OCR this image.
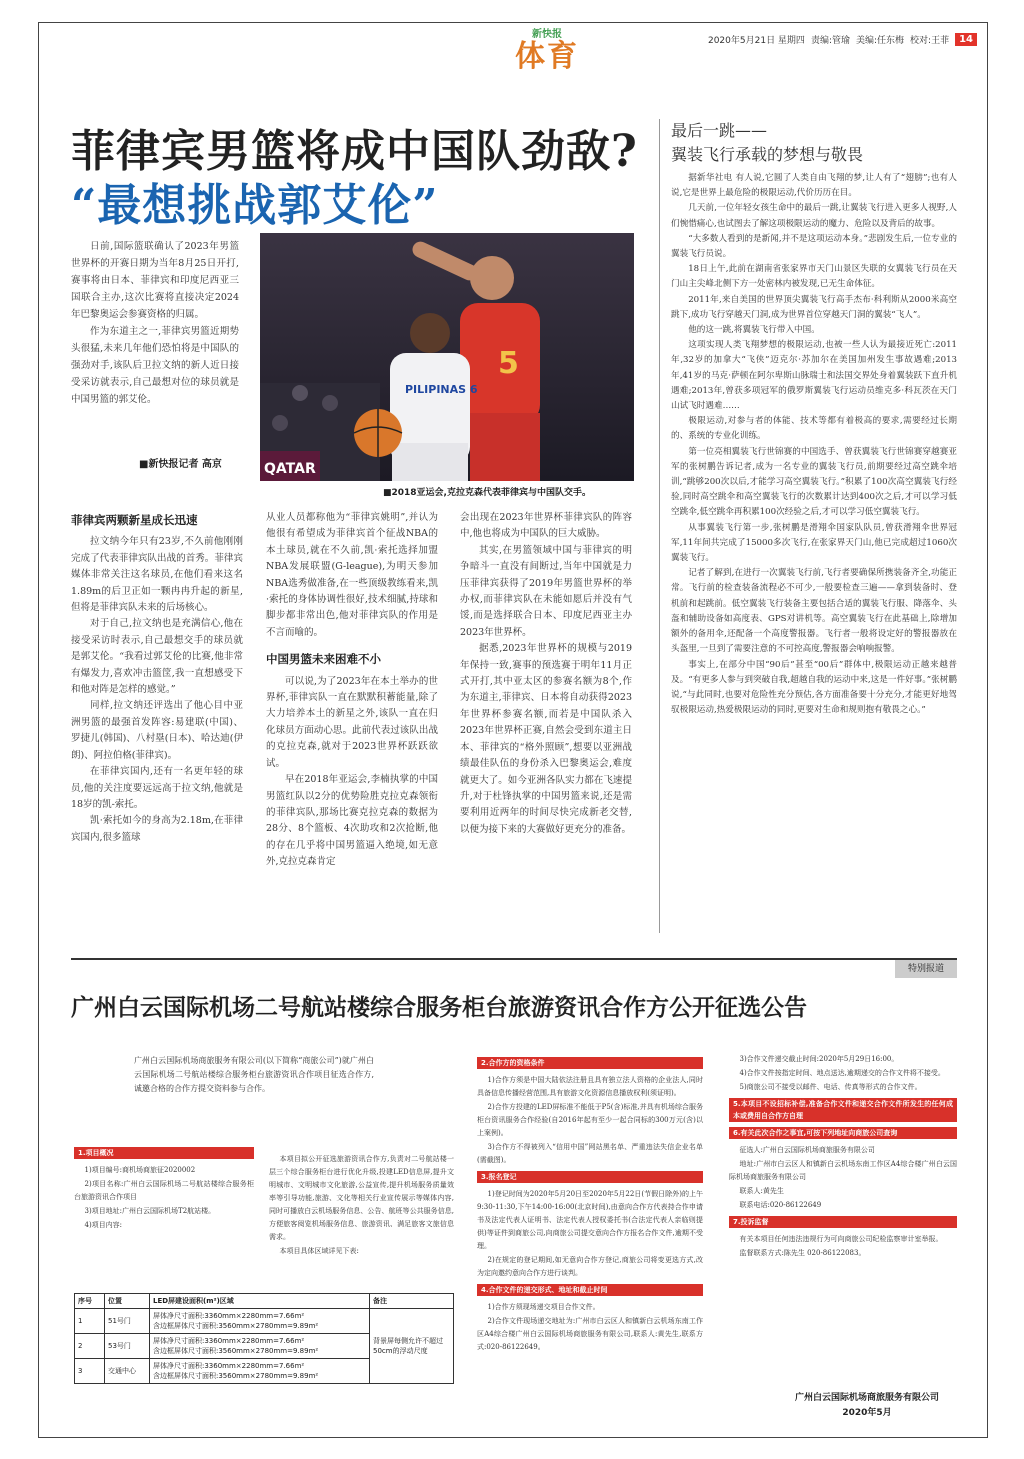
新快报
体育	2020年5月21日 星期四 责编:管瑜 美编:任东梅 校对:王菲	14
菲律宾男篮将成中国队劲敌?
“最想挑战郭艾伦”

日前,国际篮联确认了2023年男篮世界杯的开赛日期为当年8月25日开打,赛事将由日本、菲律宾和印度尼西亚三国联合主办,这次比赛将直接决定2024年巴黎奥运会参赛资格的归属。

作为东道主之一,菲律宾男篮近期势头很猛,未来几年他们恐怕将是中国队的强劲对手,该队后卫拉文纳的新人近日接受采访就表示,自己最想对位的球员就是中国男篮的郭艾伦。

■新快报记者 高京
5
PILIPINAS 6
QATAR
■2018亚运会,克拉克森代表菲律宾与中国队交手。
菲律宾两颗新星成长迅速

拉文纳今年只有23岁,不久前他刚刚完成了代表菲律宾队出战的首秀。菲律宾媒体非常关注这名球员,在他们看来这名1.89m的后卫正如一颗冉冉升起的新星,但将是菲律宾队未来的后场核心。

对于自己,拉文纳也是充满信心,他在接受采访时表示,自己最想交手的球员就是郭艾伦。“我看过郭艾伦的比赛,他非常有爆发力,喜欢冲击篮筐,我一直想感受下和他对阵是怎样的感觉。”

同样,拉文纳还评选出了他心目中亚洲男篮的最强首发阵容:易建联(中国)、罗捷儿(韩国)、八村塁(日本)、哈达迪(伊朗)、阿拉伯格(菲律宾)。

在菲律宾国内,还有一名更年轻的球员,他的关注度要远远高于拉文纳,他就是18岁的凯-索托。

凯·索托如今的身高为2.18m,在菲律宾国内,很多篮球

从业人员都称他为“菲律宾姚明”,并认为他很有希望成为菲律宾首个征战NBA的本土球员,就在不久前,凯·索托选择加盟NBA发展联盟(G-league),为明天参加NBA选秀做准备,在一些顶级教练看来,凯·索托的身体协调性很好,技术细腻,持球和脚步都非常出色,他对菲律宾队的作用是不言而喻的。

中国男篮未来困难不小

可以说,为了2023年在本土举办的世界杯,菲律宾队一直在默默积蓄能量,除了大力培养本土的新星之外,该队一直在归化球员方面动心思。此前代表过该队出战的克拉克森,就对于2023世界杯跃跃欲试。

早在2018年亚运会,李楠执掌的中国男篮红队以2分的优势险胜克拉克森领衔的菲律宾队,那场比赛克拉克森的数据为28分、8个篮板、4次助攻和2次抢断,他的存在几乎将中国男篮逼入绝境,如无意外,克拉克森肯定

会出现在2023年世界杯菲律宾队的阵容中,他也将成为中国队的巨大威胁。

其实,在男篮领域中国与菲律宾的明争暗斗一直没有间断过,当年中国就是力压菲律宾获得了2019年男篮世界杯的举办权,而菲律宾队在未能如愿后并没有气馁,而是选择联合日本、印度尼西亚主办2023年世界杯。

据悉,2023年世界杯的规模与2019年保持一致,赛事的预选赛于明年11月正式开打,其中亚太区的参赛名额为8个,作为东道主,菲律宾、日本将自动获得2023年世界杯参赛名额,而若是中国队杀入2023年世界杯正赛,自然会受到东道主日本、菲律宾的“格外照顾”,想要以亚洲战绩最佳队伍的身份杀入巴黎奥运会,难度就更大了。如今亚洲各队实力都在飞速提升,对于杜锋执掌的中国男篮来说,还是需要利用近两年的时间尽快完成新老交替,以便为接下来的大赛做好更充分的准备。

最后一跳——
翼装飞行承载的梦想与敬畏

据新华社电 有人说,它圆了人类自由飞翔的梦,让人有了“翅膀”;也有人说,它是世界上最危险的极限运动,代价历历在目。

几天前,一位年轻女孩生命中的最后一跳,让翼装飞行进入更多人视野,人们惋惜痛心,也试图去了解这项极限运动的魔力、危险以及背后的故事。

“大多数人看到的是新闻,并不是这项运动本身。”悲剧发生后,一位专业的翼装飞行员说。

18日上午,此前在湖南省张家界市天门山景区失联的女翼装飞行员在天门山主尖峰北侧下方一处密林内被发现,已无生命体征。

2011年,来自美国的世界顶尖翼装飞行高手杰布·科利斯从2000米高空跳下,成功飞行穿越天门洞,成为世界首位穿越天门洞的翼装“飞人”。

他的这一跳,将翼装飞行带入中国。

这项实现人类飞翔梦想的极限运动,也被一些人认为最接近死亡:2011年,32岁的加拿大“飞侠”迈克尔·苏加尔在美国加州发生事故遇难;2013年,41岁的马克·萨顿在阿尔卑斯山脉瑞士和法国交界处身着翼装跃下直升机遇难;2013年,曾获多项冠军的俄罗斯翼装飞行运动员维克多·科瓦茨在天门山试飞时遇难……

极限运动,对参与者的体能、技术等都有着极高的要求,需要经过长期的、系统的专业化训练。

第一位亮相翼装飞行世锦赛的中国选手、曾获翼装飞行世锦赛穿越赛亚军的张树鹏告诉记者,成为一名专业的翼装飞行员,前期要经过高空跳伞培训,“跳够200次以后,才能学习高空翼装飞行。”积累了100次高空翼装飞行经验,同时高空跳伞和高空翼装飞行的次数累计达到400次之后,才可以学习低空跳伞,低空跳伞再积累100次经验之后,才可以学习低空翼装飞行。

从事翼装飞行第一步,张树鹏是滑翔伞国家队队员,曾获滑翔伞世界冠军,11年间共完成了15000多次飞行,在张家界天门山,他已完成超过1060次翼装飞行。

记者了解到,在进行一次翼装飞行前,飞行者要确保所携装备齐全,功能正常。飞行前的检查装备流程必不可少,一般要检查三遍——拿到装备时、登机前和起跳前。低空翼装飞行装备主要包括合适的翼装飞行服、降落伞、头盔和辅助设备如高度表、GPS对讲机等。高空翼装飞行在此基础上,除增加额外的备用伞,还配备一个高度警报器。飞行者一般将设定好的警报器放在头盔里,一旦到了需要注意的不可控高度,警报器会响响报警。

事实上,在部分中国“90后”甚至“00后”群体中,极限运动正越来越普及。“有更多人参与到突破自我,超越自我的运动中来,这是一件好事。”张树鹏说,“与此同时,也要对危险性充分预估,各方面准备要十分充分,才能更好地驾驭极限运动,热爱极限运动的同时,更要对生命和规则抱有敬畏之心。”

特别报道
广州白云国际机场二号航站楼综合服务柜台旅游资讯合作方公开征选公告
广州白云国际机场商旅服务有限公司(以下简称“商旅公司”)就广州白云国际机场二号航站楼综合服务柜台旅游资讯合作项目征选合作方,诚邀合格的合作方提交资料参与合作。
1.项目概况

1)项目编号:商机场商旅征2020002

2)项目名称:广州白云国际机场二号航站楼综合服务柜台旅游资讯合作项目

3)项目地址:广州白云国际机场T2航站楼。

4)项目内容:

本项目拟公开征选旅游资讯合作方,负责对二号航站楼一层三个综合服务柜台进行优化升级,投建LED信息屏,提升文明城市、文明城市文化旅游,公益宣传,提升机场服务质量效率等引导功能,旅游、文化等相关行业宣传展示等媒体内容,同时可播放白云机场服务信息、公告、航班等公共服务信息,方便旅客阅览机场服务信息、旅游资讯、满足旅客文旅信息需求。

本项目具体区域详见下表:

序号	位置	LED屏建设面积(m²)区域	备注
1	51号门	屏体净尺寸面积:3360mm×2280mm=7.66m²
含边框屏体尺寸面积:3560mm×2780mm=9.89m²	背景屏每侧允许不超过50cm的浮动尺度
2	53号门	屏体净尺寸面积:3360mm×2280mm=7.66m²
含边框屏体尺寸面积:3560mm×2780mm=9.89m²	

3	交通中心	屏体净尺寸面积:3360mm×2280mm=7.66m²
含边框屏体尺寸面积:3560mm×2780mm=9.89m²	
2.合作方的资格条件

1)合作方须是中国大陆依法注册且具有独立法人资格的企业法人,同时具备信息传播经营范围,具有旅游文化资源信息播放权利(须证明)。

2)合作方投建的LED屏标准不能低于P5(含)标准,并具有机场综合服务柜台资讯服务合作经验(自2016年起有至少一起合同标的300万元(含)以上案例)。

3)合作方不得被列入“信用中国”网站黑名单、严重违法失信企业名单(需截图)。

3.报名登记

1)登记时间为2020年5月20日至2020年5月22日(节假日除外)的上午9:30-11:30,下午14:00-16:00(北京时间),由意向合作方代表持合作申请书及法定代表人证明书、法定代表人授权委托书(合法定代表人亲临则提供)等证件到商旅公司,向商旅公司提交意向合作方报名合作文件,逾期不受理。

2)在规定的登记期间,如无意向合作方登记,商旅公司将变更选方式,改为定向邀约意向合作方进行谈判。

4.合作文件的递交形式、地址和截止时间

1)合作方须现场递交项目合作文件。

2)合作文件现场递交地址为:广州市白云区人和镇新白云机场东南工作区A4综合楼广州白云国际机场商旅服务有限公司,联系人:黄先生,联系方式:020-86122649。

3)合作文件递交截止时间:2020年5月29日16:00。

4)合作文件按指定时间、地点送达,逾期递交的合作文件将不接受。

5)商旅公司不接受以邮件、电话、传真等形式的合作文件。

5.本项目不设招标补偿,准备合作文件和递交合作文件所发生的任何成本或费用自合作方自理
6.有关此次合作之事宜,可按下列地址向商旅公司查询

征选人:广州白云国际机场商旅服务有限公司

地址:广州市白云区人和镇新白云机场东南工作区A4综合楼广州白云国际机场商旅服务有限公司

联系人:黄先生

联系电话:020-86122649

7.投诉监督

有关本项目任何违法违规行为可向商旅公司纪检监察审计室举报。

监督联系方式:陈先生 020-86122083。

广州白云国际机场商旅服务有限公司
2020年5月
